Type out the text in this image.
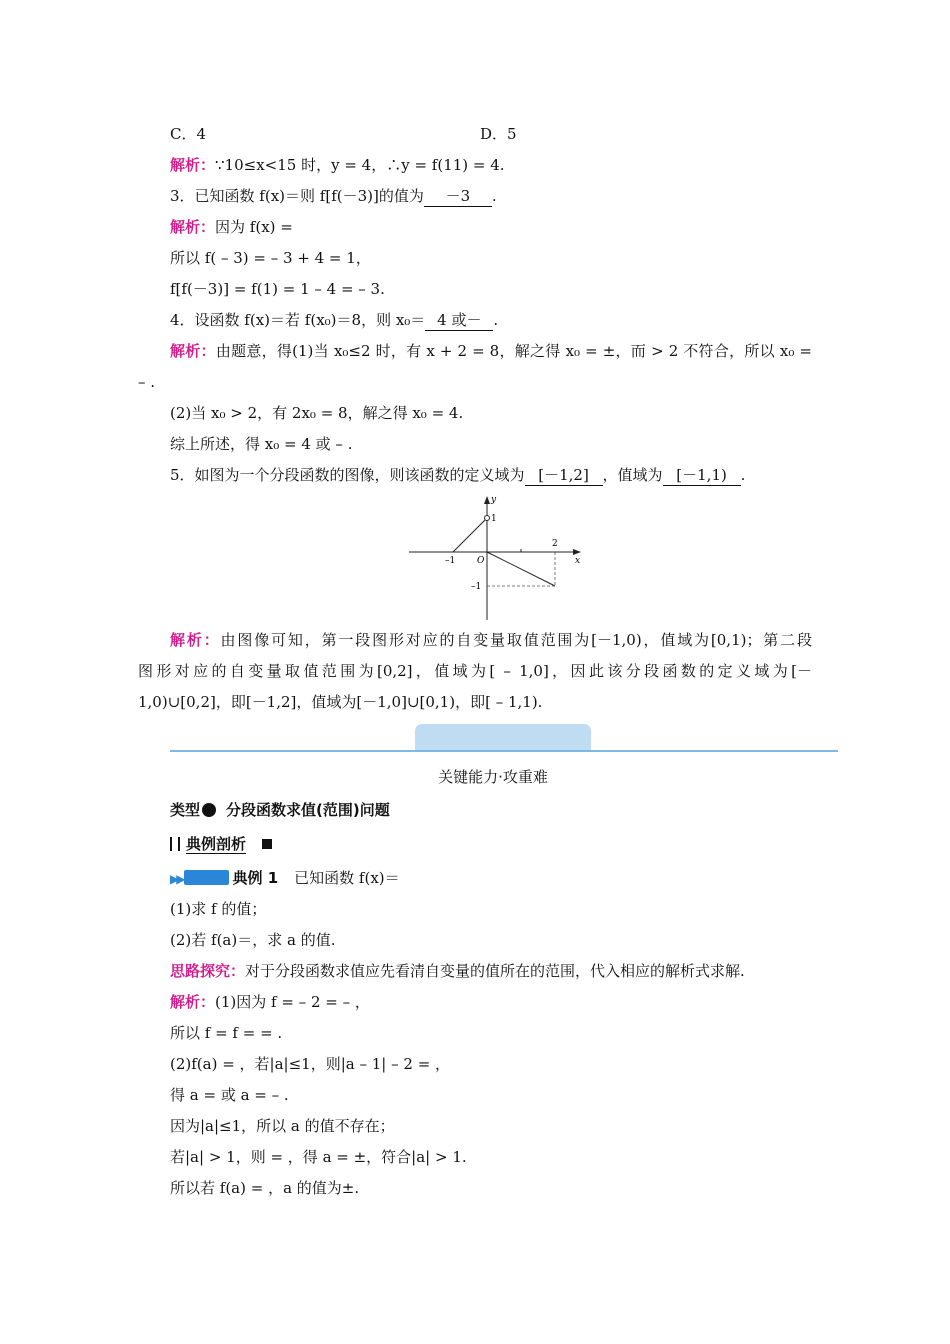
C．4	D．5
解析：∵10≤x<15 时，y = 4，∴y = f(11) = 4.
3．已知函数 f(x)＝则 f[f(－3)]的值为 －3 .
解析：因为 f(x) =
所以 f( – 3) = – 3 + 4 = 1，
f[f(－3)] = f(1) = 1 – 4 = – 3.
4．设函数 f(x)＝若 f(x₀)＝8，则 x₀＝ 4 或－ .
解析：由题意，得(1)当 x₀≤2 时，有 x + 2 = 8，解之得 x₀ = ±，而 > 2 不符合，所以 x₀ =
– .
(2)当 x₀ > 2，有 2x₀ = 8，解之得 x₀ = 4.
综上所述，得 x₀ = 4 或 – .
5．如图为一个分段函数的图像，则该函数的定义域为 [－1,2] ，值域为 [－1,1) .
y
1
x
–1 O
2
–1
解析：由图像可知，第一段图形对应的自变量取值范围为[－1,0)，值域为[0,1)；第二段
图形对应的自变量取值范围为[0,2]，值域为[ – 1,0]，因此该分段函数的定义域为[－
1,0)∪[0,2]，即[－1,2]，值域为[－1,0]∪[0,1)，即[ – 1,1).
关键能力·攻重难
类型 分段函数求值(范围)问题
典例剖析
▶▶	典例 1 已知函数 f(x)＝
(1)求 f 的值；
(2)若 f(a)＝，求 a 的值.
思路探究：对于分段函数求值应先看清自变量的值所在的范围，代入相应的解析式求解.
解析：(1)因为 f = – 2 = – ，
所以 f = f = = .
(2)f(a) = ，若|a|≤1，则|a – 1| – 2 = ，
得 a = 或 a = – .
因为|a|≤1，所以 a 的值不存在；
若|a| > 1，则 = ，得 a = ±，符合|a| > 1.
所以若 f(a) = ，a 的值为±.
